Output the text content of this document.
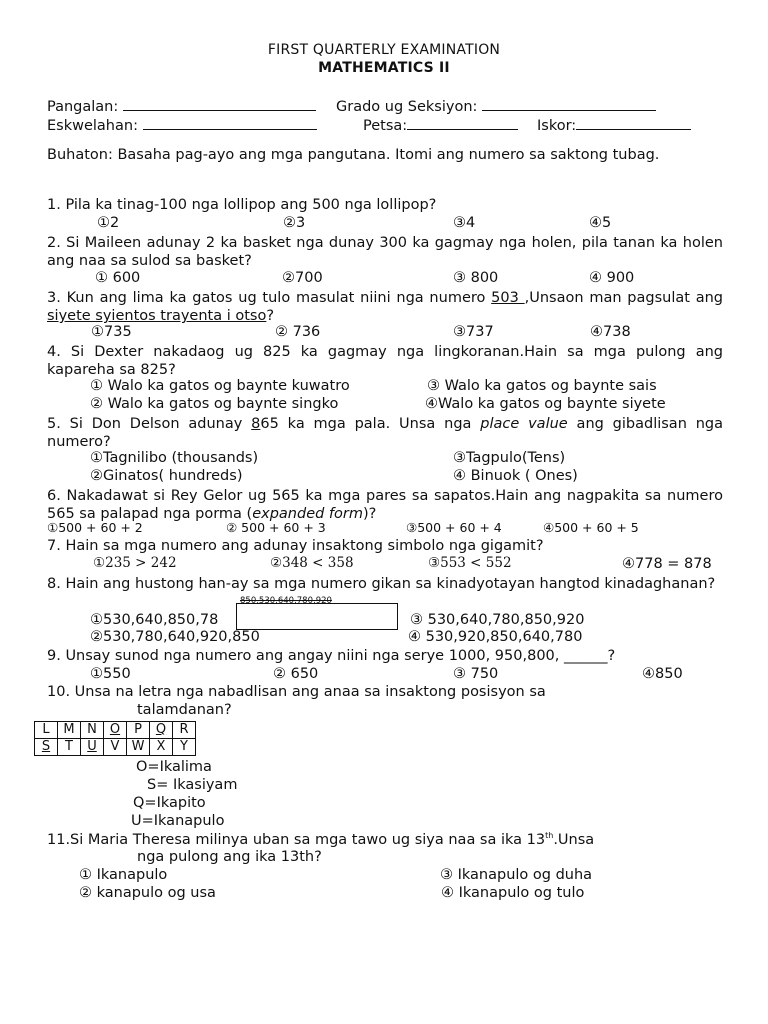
FIRST QUARTERLY EXAMINATION
MATHEMATICS II
Pangalan:	Grado ug Seksiyon:
Eskwelahan:	Petsa:	Iskor:
Buhaton: Basaha pag-ayo ang mga pangutana. Itomi ang numero sa saktong tubag.
1. Pila ka tinag-100 nga lollipop ang 500 nga lollipop?
①2	②3	③4	④5
2. Si Maileen adunay 2 ka basket nga dunay 300 ka gagmay nga holen, pila tanan ka holen ang naa sa sulod sa basket?
① 600	②700	③ 800	④ 900
3. Kun ang lima ka gatos ug tulo masulat niini nga numero 503 ,Unsaon man pagsulat ang siyete syientos trayenta i otso?
①735	② 736	③737	④738
4. Si Dexter nakadaog ug 825 ka gagmay nga lingkoranan.Hain sa mga pulong ang kapareha sa 825?
① Walo ka gatos og baynte kuwatro	③ Walo ka gatos og baynte sais
② Walo ka gatos og baynte singko	④Walo ka gatos og baynte siyete
5. Si Don Delson adunay 865 ka mga pala. Unsa nga place value ang gibadlisan nga numero?
①Tagnilibo (thousands)	③Tagpulo(Tens)
②Ginatos( hundreds)	④ Binuok ( Ones)
6. Nakadawat si Rey Gelor ug 565 ka mga pares sa sapatos.Hain ang nagpakita sa numero 565 sa palapad nga porma (expanded form)?
①500 + 60 + 2	② 500 + 60 + 3	③500 + 60 + 4	④500 + 60 + 5
7. Hain sa mga numero ang adunay insaktong simbolo nga gigamit?
①235 > 242	②348 < 358	③553 < 552	④778 = 878
8. Hain ang hustong han-ay sa mga numero gikan sa kinadyotayan hangtod kinadaghanan?
①530,640,850,78
850,530,640,780,920
③ 530,640,780,850,920
②530,780,640,920,850	④ 530,920,850,640,780
9. Unsay sunod nga numero ang angay niini nga serye 1000, 950,800, ______?
①550	② 650	③ 750	④850
10. Unsa na letra nga nabadlisan ang anaa sa insaktong posisyon sa
talamdanan?
L	M	N	O	P	Q	R
S	T	U	V	W	X	Y
O=Ikalima
S= Ikasiyam
Q=Ikapito
U=Ikanapulo
11.Si Maria Theresa milinya uban sa mga tawo ug siya naa sa ika 13th.Unsa
nga pulong ang ika 13th?
① Ikanapulo	③ Ikanapulo og duha
② kanapulo og usa	④ Ikanapulo og tulo
